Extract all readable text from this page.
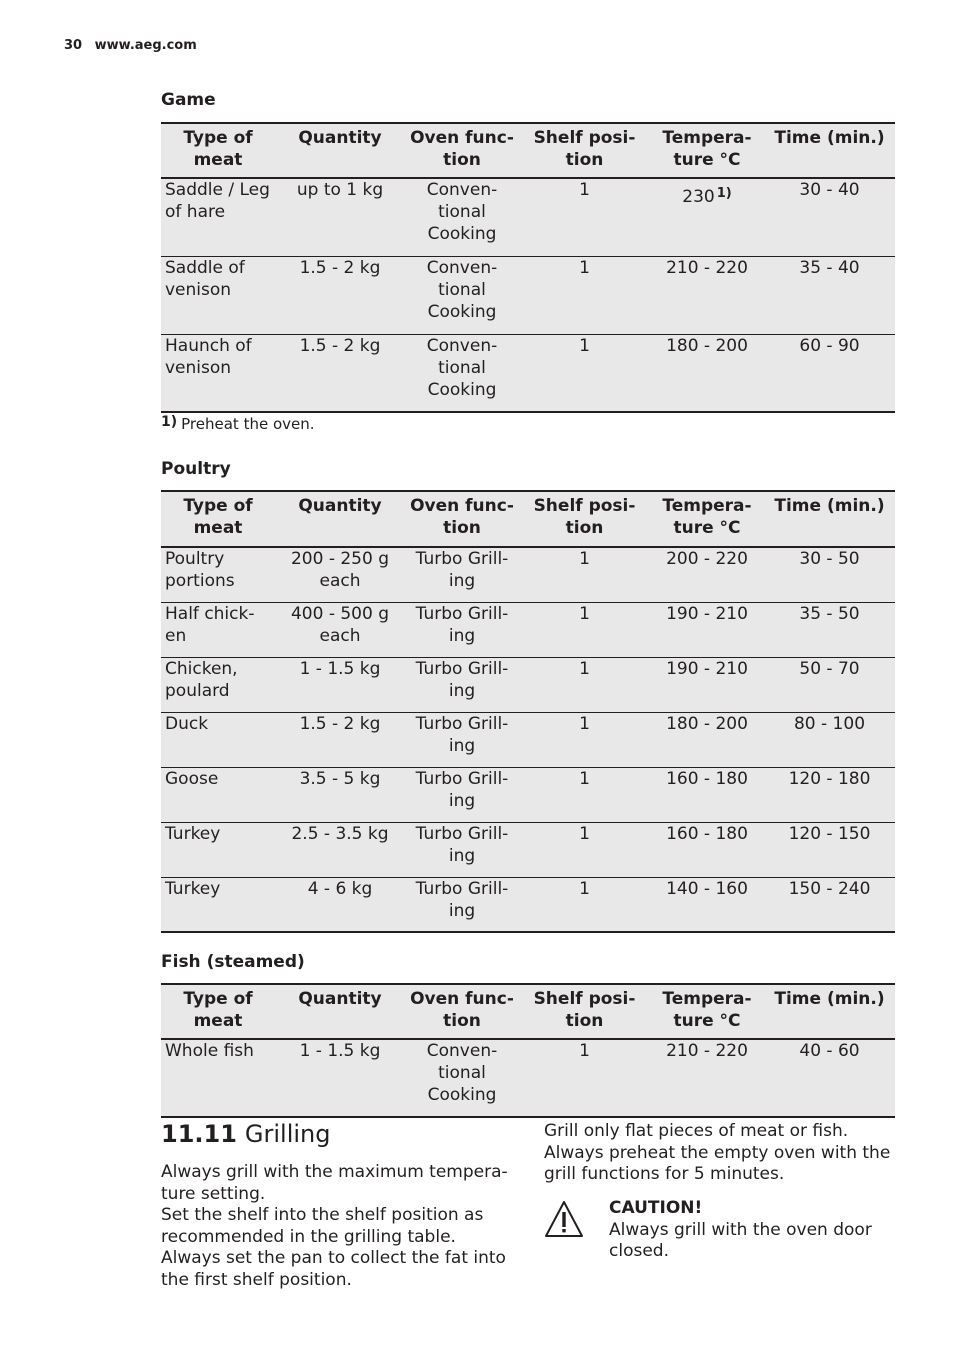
30 www.aeg.com
Game
Type of meat	Quantity	Oven func-tion	Shelf posi-tion	Tempera-ture °C	Time (min.)
Saddle / Leg of hare	up to 1 kg	Conven-tional Cooking	1	230 $^{1)}$	30 - 40
Saddle of venison	1.5 - 2 kg	Conven-tional Cooking	1	210 - 220	35 - 40
Haunch of venison	1.5 - 2 kg	Conven-tional Cooking	1	180 - 200	60 - 90
1) Preheat the oven.
Poultry
Type of meat	Quantity	Oven func-tion	Shelf posi-tion	Tempera-ture °C	Time (min.)
Poultry portions	200 - 250 g each	Turbo Grill-ing	1	200 - 220	30 - 50
Half chick-en	400 - 500 g each	Turbo Grill-ing	1	190 - 210	35 - 50
Chicken, poulard	1 - 1.5 kg	Turbo Grill-ing	1	190 - 210	50 - 70
Duck	1.5 - 2 kg	Turbo Grill-ing	1	180 - 200	80 - 100
Goose	3.5 - 5 kg	Turbo Grill-ing	1	160 - 180	120 - 180
Turkey	2.5 - 3.5 kg	Turbo Grill-ing	1	160 - 180	120 - 150
Turkey	4 - 6 kg	Turbo Grill-ing	1	140 - 160	150 - 240
Fish (steamed)
Type of meat	Quantity	Oven func-tion	Shelf posi-tion	Tempera-ture °C	Time (min.)
Whole fish	1 - 1.5 kg	Conven-tional Cooking	1	210 - 220	40 - 60
11.11 Grilling

Always grill with the maximum tempera-ture setting.

Set the shelf into the shelf position as recommended in the grilling table.

Always set the pan to collect the fat into the first shelf position.

Grill only flat pieces of meat or fish.

Always preheat the empty oven with the grill functions for 5 minutes.

CAUTION!
Always grill with the oven door closed.
